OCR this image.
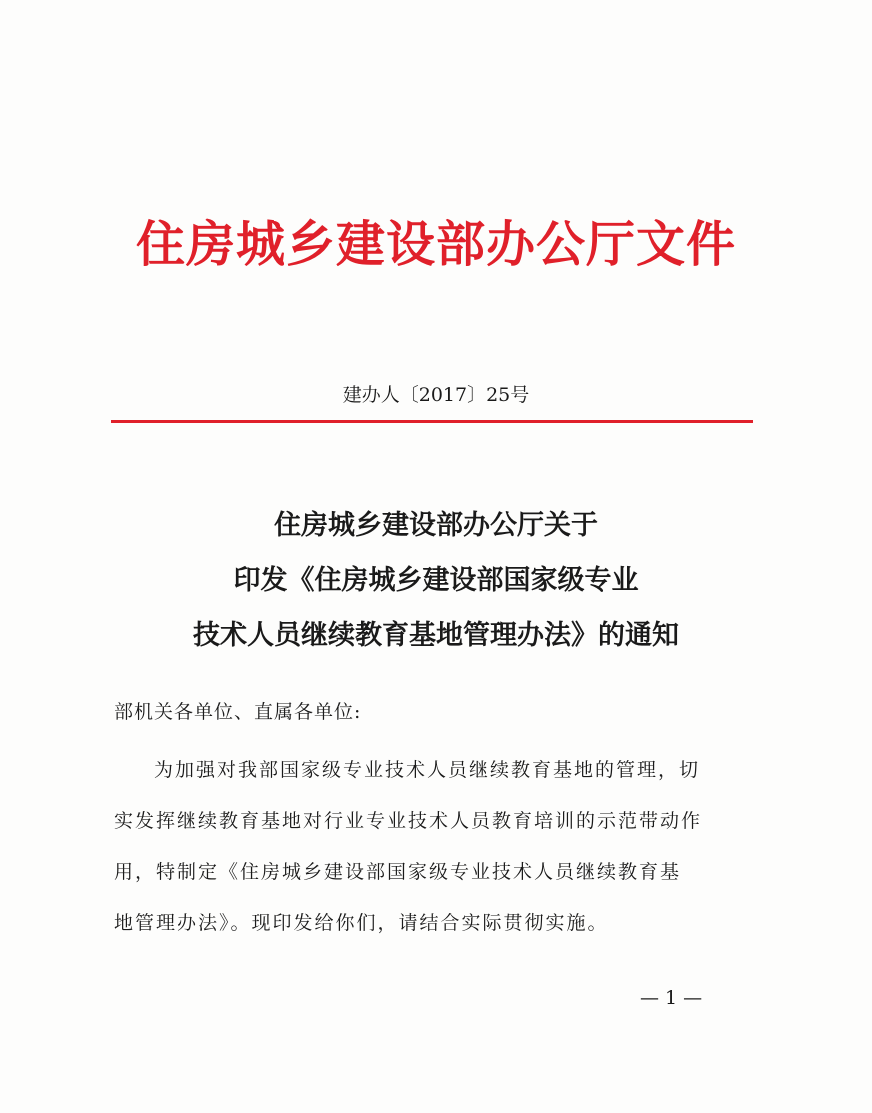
住房城乡建设部办公厅文件
建办人〔2017〕25号
住房城乡建设部办公厅关于
印发《住房城乡建设部国家级专业
技术人员继续教育基地管理办法》的通知
部机关各单位、直属各单位:
为加强对我部国家级专业技术人员继续教育基地的管理，切
实发挥继续教育基地对行业专业技术人员教育培训的示范带动作
用，特制定《住房城乡建设部国家级专业技术人员继续教育基
地管理办法》。现印发给你们，请结合实际贯彻实施。
— 1 —
